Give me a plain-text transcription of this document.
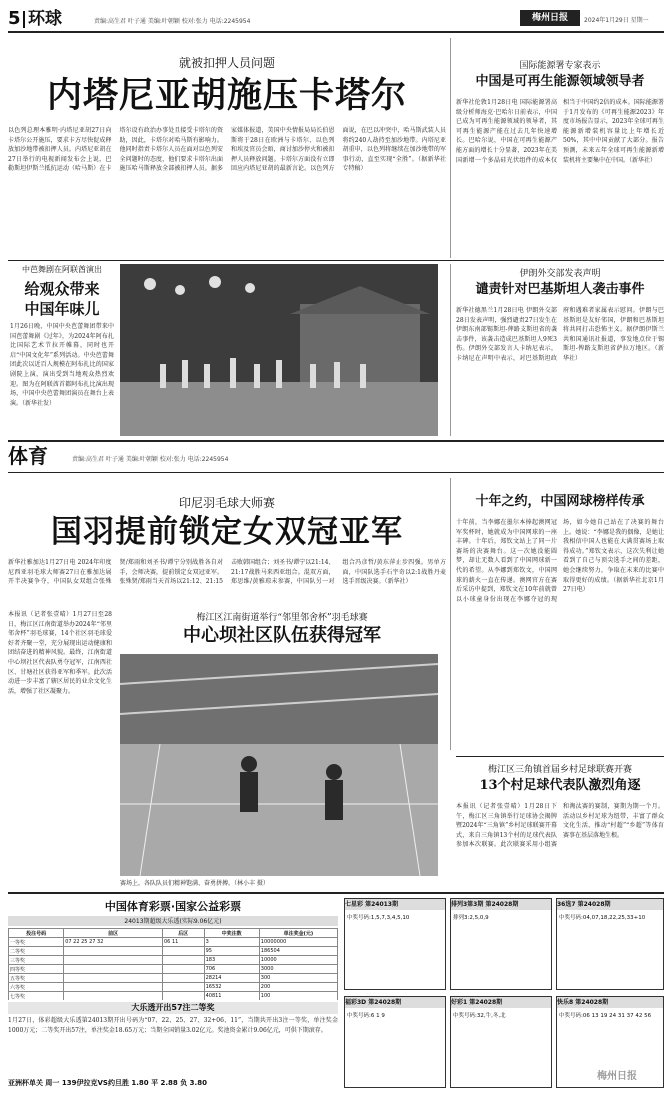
5 环球	责编:高生君 叶子通 美编:叶朝颖 校对:张力 电话:2245954	梅州日报	2024年1月29日 星期一
就被扣押人员问题
内塔尼亚胡施压卡塔尔
以色列总理本雅明·内塔尼亚胡27日向卡塔尔公开施压，要求卡方尽快促成释放加沙地带被扣押人员。内塔尼亚胡在27日举行的电视新闻发布会上说，巴勒斯坦伊斯兰抵抗运动（哈马斯）在卡塔尔设有政治办事处且接受卡塔尔的资助，因此，卡塔尔对哈马斯有影响力。他同时指责卡塔尔人员在面对以色列安全问题时的态度，他们要求卡塔尔出面施压哈马斯释放全部被扣押人员。据多家媒体报道，美国中央情报局局长伯恩斯将于28日在欧洲与卡塔尔、以色列和埃及官员会晤，商讨加沙停火和被扣押人员释放问题。卡塔尔方面没有立即回应内塔尼亚胡的最新言论。以色列方面说，在巴以冲突中，哈马斯武装人员将约240人劫持至加沙地带。内塔尼亚胡重申，以色列将继续在加沙地带的军事行动，直至实现“全胜”。（据新华社专特稿）
国际能源署专家表示
中国是可再生能源领域领导者
新华社伦敦1月28日电 国际能源署高级分析师海克·巴哈尔日前表示，中国已成为可再生能源领域的领导者，其可再生能源产能在过去几年快速增长。巴哈尔说，中国在可再生能源产能方面的增长十分显著，2023年在美国新增一个多晶硅光伏组件的成本仅相当于中国约2倍的成本。国际能源署于1月发布的《可再生能源2023》年度市场报告显示，2023年全球可再生能源新增装机容量比上年增长近50%，其中中国贡献了大部分。报告预测，未来五年全球可再生能源新增装机将主要集中在中国。（新华社）
中芭舞剧在阿联酋演出
给观众带来
中国年味儿
1月26日晚，中国中央芭蕾舞团带来中国芭蕾舞剧《过年》，为2024年阿布扎比国际艺术节拉开帷幕，同时也开启“中国文化年”系列活动。中央芭蕾舞团此次以近百人规模在阿布扎比的国家剧院上演，演出受到当地观众热烈欢迎。图为在阿联酋首都阿布扎比演出现场，中国中央芭蕾舞团演员在舞台上表演。（新华社发）
伊朗外交部发表声明
谴责针对巴基斯坦人袭击事件
新华社德黑兰1月28日电 伊朗外交部28日发表声明，强烈谴责27日发生在伊朗东南部锡斯坦-俾路支斯坦省的袭击事件，该袭击造成巴基斯坦人9死3伤。伊朗外交部发言人卡纳尼表示，卡纳尼在声明中表示，对巴基斯坦政府和遇难者家属表示慰问。伊朗与巴基斯坦是友好邻国，伊朗和巴基斯坦将共同打击恐怖主义。据伊朗伊斯兰共和国通讯社报道，事发地点位于锡斯坦-俾路支斯坦省萨拉万地区。（新华社）
体育	责编:高生君 叶子通 美编:叶朝颖 校对:张力 电话:2245954
印尼羽毛球大师赛
国羽提前锁定女双冠亚军
新华社雅加达1月27日电 2024年印度尼西亚羽毛球大师赛27日在雅加达展开半决赛争夺，中国队女双组合张殊贤/郑雨和刘圣书/谭宁分别战胜各自对手，会师决赛，提前锁定女双冠亚军。张殊贤/郑雨当天首场以21:12、21:15击败韩国组合；刘圣书/谭宁以21:14、21:17战胜马来西亚组合。混双方面，郑思维/黄雅琼未参赛，中国队另一对组合冯彦哲/黄东萍止步四强。男单方面，中国队选手石宇奇以2:1战胜丹麦选手晋级决赛。（新华社）
十年之约，中国网球榜样传承
十年前，当李娜在墨尔本捧起澳网冠军奖杯时，她就成为中国网球的一座丰碑。十年后，郑钦文站上了同一片赛场的决赛舞台。这一次她没能圆梦，却让无数人看到了中国网球新一代的希望。从李娜到郑钦文，中国网球的薪火一直在传递。澳网官方在赛后采访中提到，郑钦文在10年前就曾以小球童身份出现在李娜夺冠的现场，如今她自己站在了决赛的舞台上。她说：“李娜是我的偶像，是她让我相信中国人也能在大满贯赛场上取得成功。”郑钦文表示，这次失利让她看到了自己与顶尖选手之间的差距，她会继续努力，争取在未来的比赛中取得更好的成绩。（据新华社北京1月27日电）
本报讯（记者张壹晴）1月27日至28日，梅江区江南街道举办2024年“邻里邻舍杯”羽毛球赛，14个社区羽毛球爱好者齐聚一堂，充分展现出运动健康和团结奋进的精神风貌。最终，江南街道中心坝社区代表队勇夺冠军，江南西社区、甘塘社区获得亚军和季军。此次活动进一步丰富了辖区居民的业余文化生活，增强了社区凝聚力。
梅江区江南街道举行“邻里邻舍杯”羽毛球赛
中心坝社区队伍获得冠军
赛场上，各队队员们精神饱满、奋勇拼搏。（林小丰 摄）
梅江区三角镇首届乡村足球联赛开赛
13个村足球代表队激烈角逐
本报讯（记者张壹晴）1月28日下午，梅江区三角镇举行足球协会揭牌暨2024年“三角镇”乡村足球联赛开幕式，来自三角镇13个村的足球代表队参加本次联赛。此次联赛采用小组赛和淘汰赛的赛制，赛期为期一个月。活动以乡村足球为纽带，丰富了群众文化生活，推动“村超”“乡超”等体育赛事在基层落地生根。
中国体育彩票·国家公益彩票
24013期超级大乐透(实际9.06亿元)
投注号码	前区	后区	中奖注数	单注奖金(元)
一等奖	07 22 25 27 32	06 11	3	10000000
二等奖			95	186504
三等奖			183	10000
四等奖			706	3000
五等奖			28214	300
六等奖			16532	200
七等奖			40811	100
大乐透开出57注二等奖
1月27日，体彩超级大乐透第24013期开出号码为“07、22、25、27、32+06、11”，当期共开出3注一等奖，单注奖金1000万元；二等奖开出57注，单注奖金18.65万元；当期全国销量3.02亿元。奖池资金累计9.06亿元，可供下期滚存。
亚洲杯单关 周一 139伊拉克VS约旦胜 1.80 平 2.88 负 3.80
七星彩 第24013期
中奖号码:1,5,7,3,4,5,10
排列3第3期 第24028期
排列3:2,5,0,9
36选7 第24028期
中奖号码:04,07,18,22,25,33+10
福彩3D 第24028期
中奖号码:6 1 9
好彩1 第24028期
中奖号码:32,牛,冬,北
快乐8 第24028期
中奖号码:06 13 19 24 31 37 42 56
梅州日报
